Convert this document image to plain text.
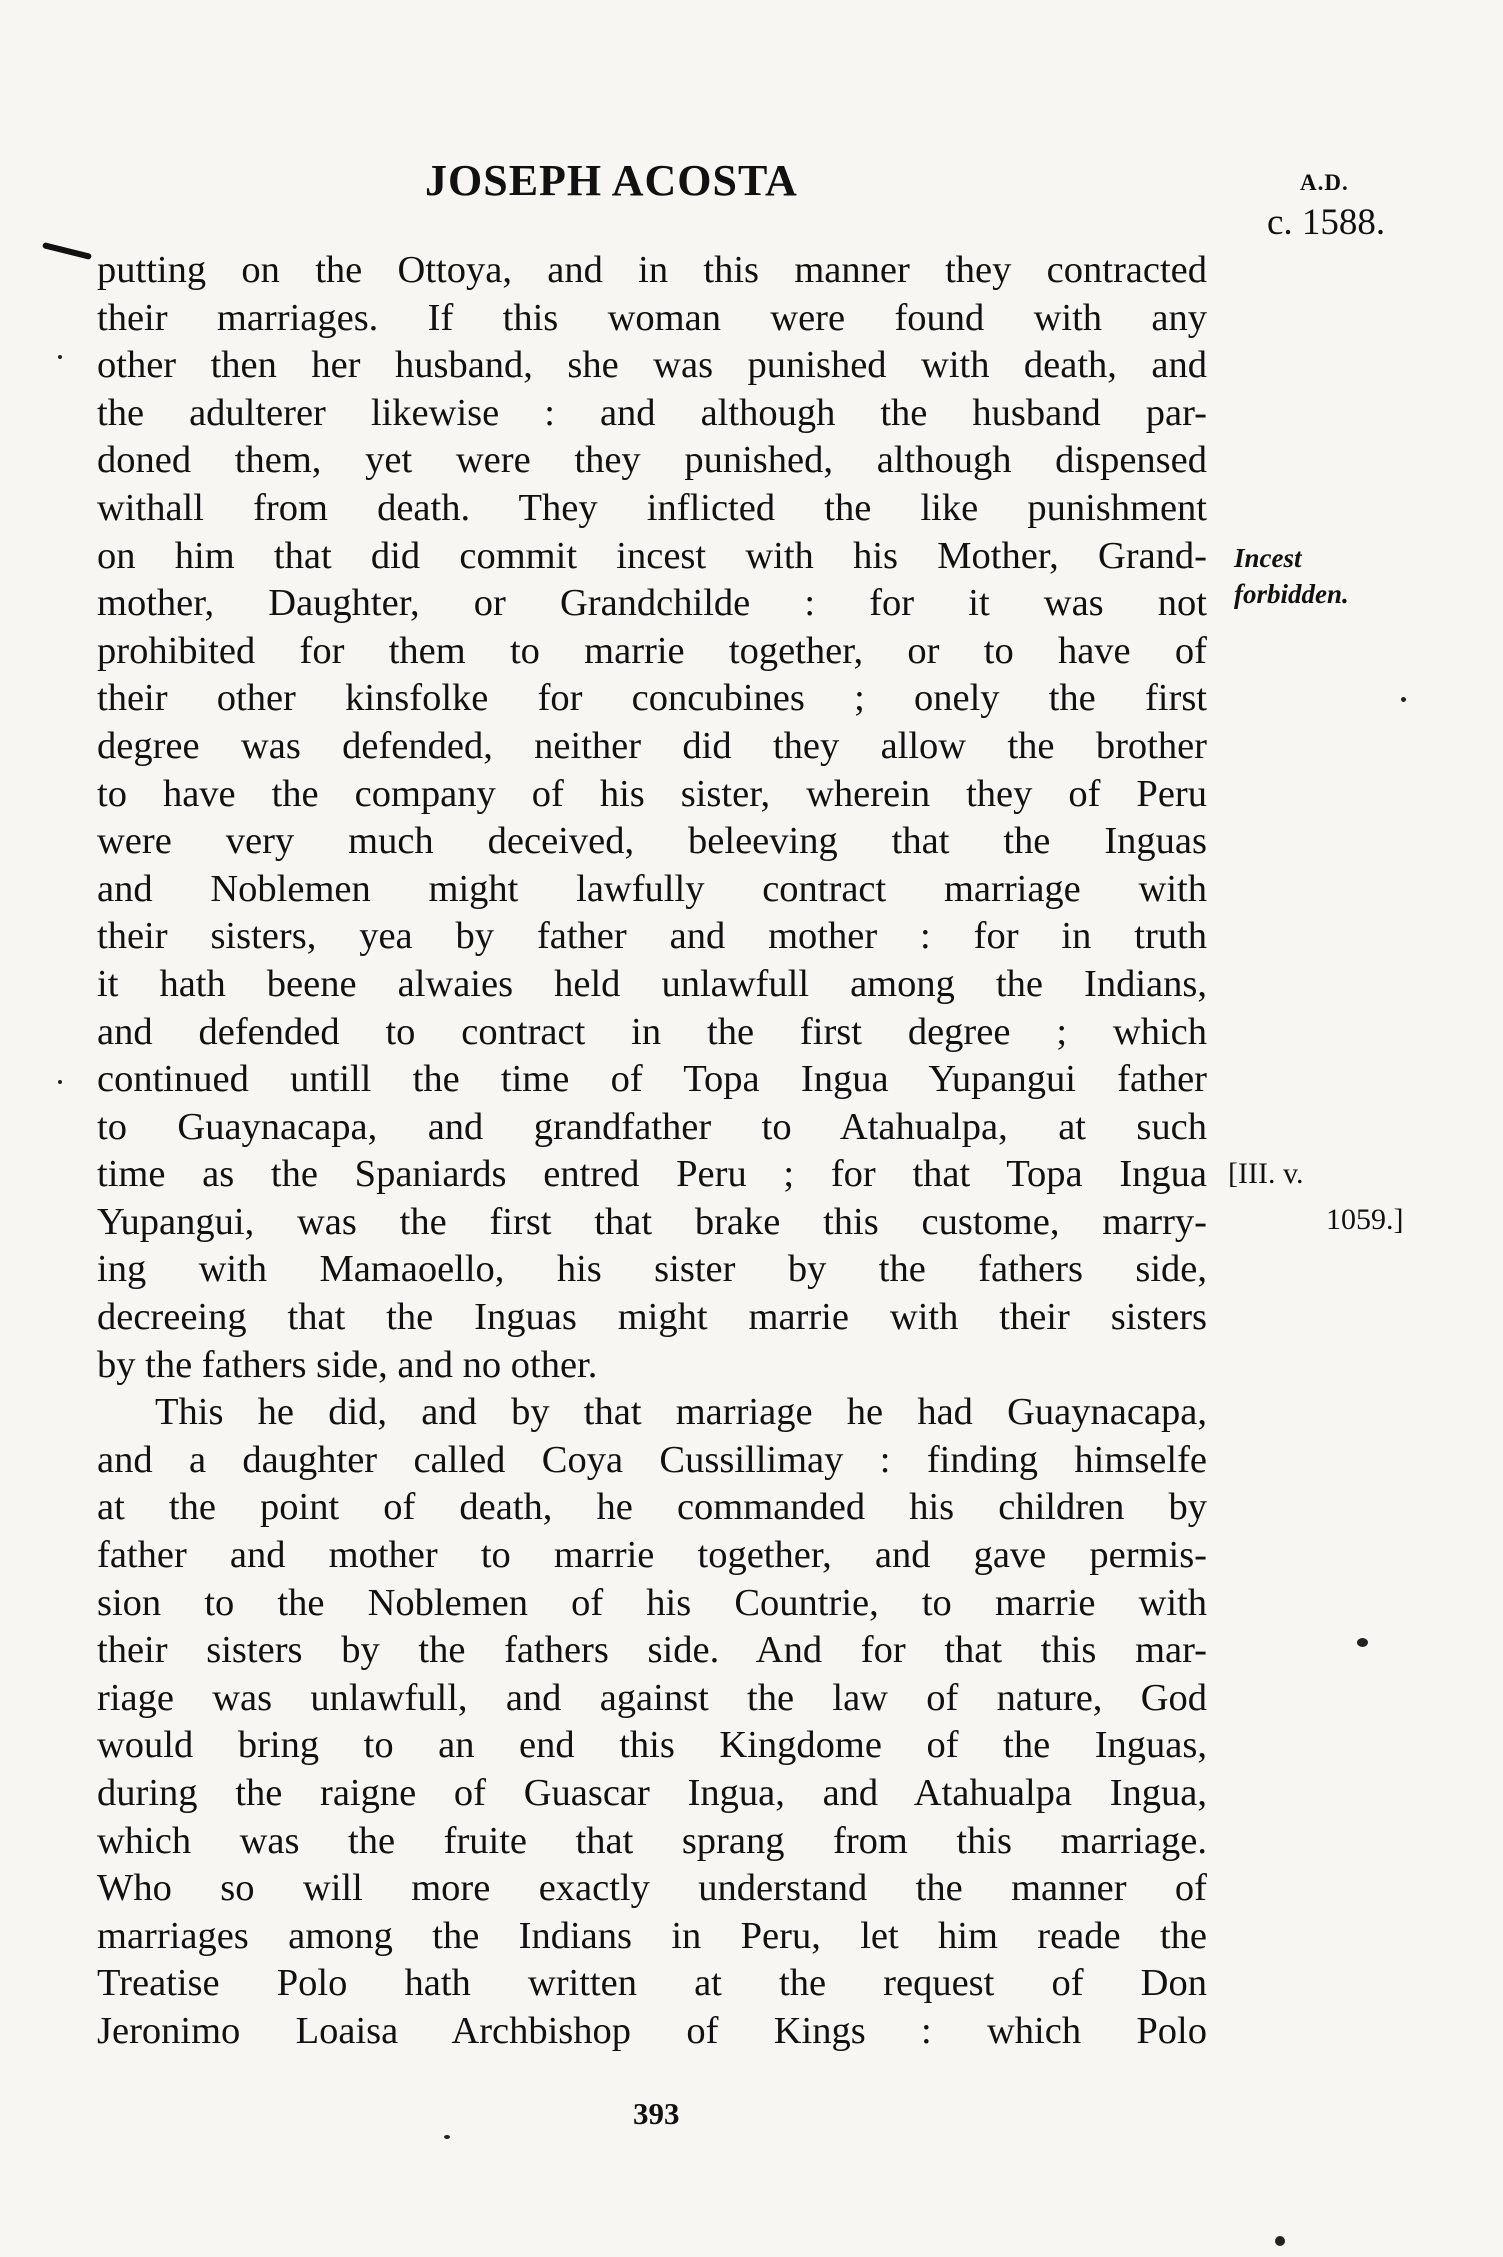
JOSEPH ACOSTA	A.D.
c. 1588.
putting on the Ottoya, and in this manner they contracted
their marriages. If this woman were found with any
other then her husband, she was punished with death, and
the adulterer likewise : and although the husband par-
doned them, yet were they punished, although dispensed
withall from death. They inflicted the like punishment
on him that did commit incest with his Mother, Grand-
mother, Daughter, or Grandchilde : for it was not
prohibited for them to marrie together, or to have of
their other kinsfolke for concubines ; onely the first
degree was defended, neither did they allow the brother
to have the company of his sister, wherein they of Peru
were very much deceived, beleeving that the Inguas
and Noblemen might lawfully contract marriage with
their sisters, yea by father and mother : for in truth
it hath beene alwaies held unlawfull among the Indians,
and defended to contract in the first degree ; which
continued untill the time of Topa Ingua Yupangui father
to Guaynacapa, and grandfather to Atahualpa, at such
time as the Spaniards entred Peru ; for that Topa Ingua
Yupangui, was the first that brake this custome, marry-
ing with Mamaoello, his sister by the fathers side,
decreeing that the Inguas might marrie with their sisters
by the fathers side, and no other.
This he did, and by that marriage he had Guaynacapa,
and a daughter called Coya Cussillimay : finding himselfe
at the point of death, he commanded his children by
father and mother to marrie together, and gave permis-
sion to the Noblemen of his Countrie, to marrie with
their sisters by the fathers side. And for that this mar-
riage was unlawfull, and against the law of nature, God
would bring to an end this Kingdome of the Inguas,
during the raigne of Guascar Ingua, and Atahualpa Ingua,
which was the fruite that sprang from this marriage.
Who so will more exactly understand the manner of
marriages among the Indians in Peru, let him reade the
Treatise Polo hath written at the request of Don
Jeronimo Loaisa Archbishop of Kings : which Polo
Incest
forbidden.
[III. v.
1059.]
393
